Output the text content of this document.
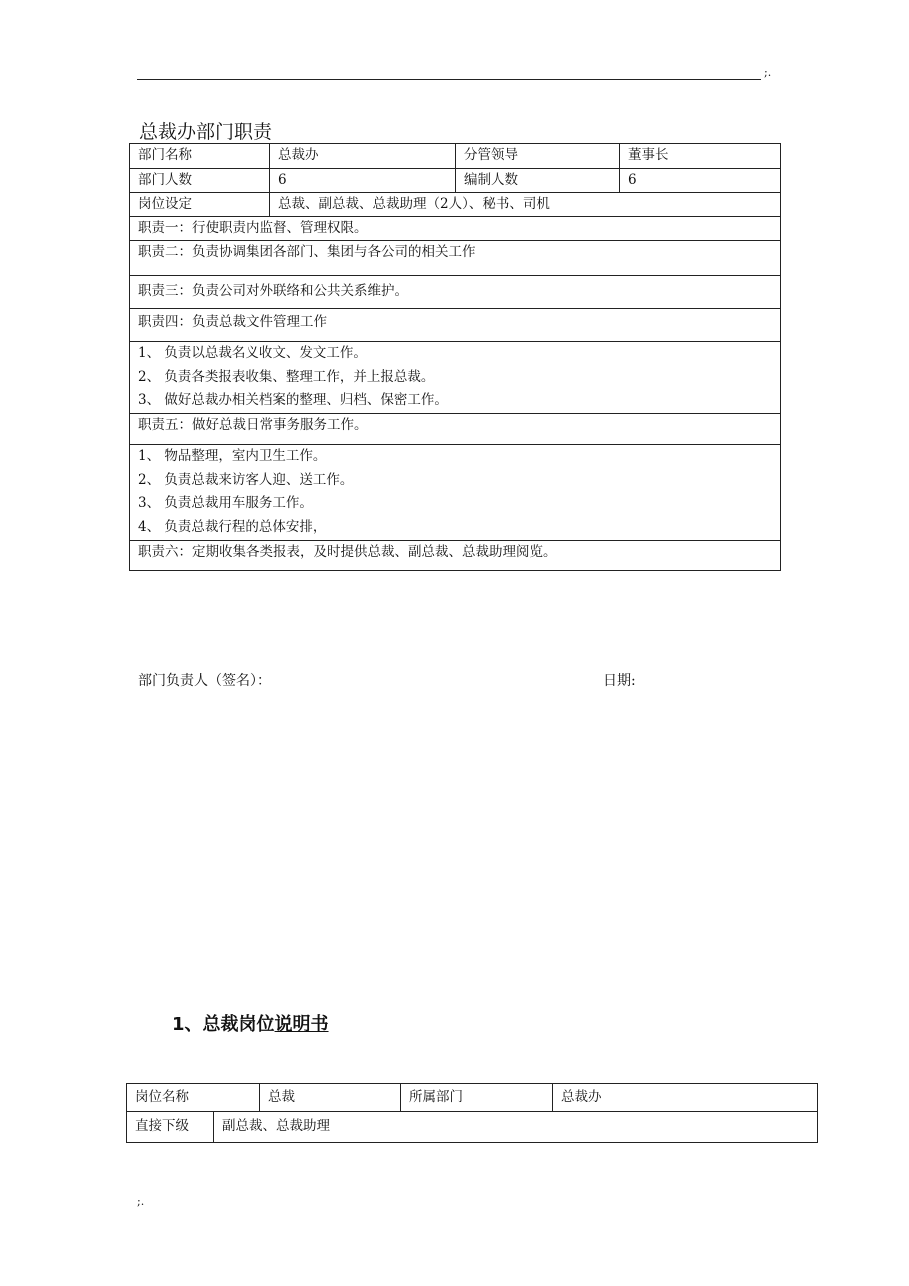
;.
总裁办部门职责
部门名称	总裁办	分管领导	董事长
部门人数	6	编制人数	6
岗位设定	总裁、副总裁、总裁助理（2人）、秘书、司机		
职责一：行使职责内监督、管理权限。			
职责二：负责协调集团各部门、集团与各公司的相关工作			
职责三：负责公司对外联络和公共关系维护。			
职责四：负责总裁文件管理工作			

1、 负责以总裁名义收文、发文工作。
2、 负责各类报表收集、整理工作，并上报总裁。
3、 做好总裁办相关档案的整理、归档、保密工作。			

职责五：做好总裁日常事务服务工作。			

1、 物品整理，室内卫生工作。
2、 负责总裁来访客人迎、送工作。
3、 负责总裁用车服务工作。
4、 负责总裁行程的总体安排，			

职责六：定期收集各类报表，及时提供总裁、副总裁、总裁助理阅览。			
部门负责人（签名）：	日期:
1、总裁岗位说明书
岗位名称		总裁	所属部门	总裁办
直接下级	副总裁、总裁助理			
;.
